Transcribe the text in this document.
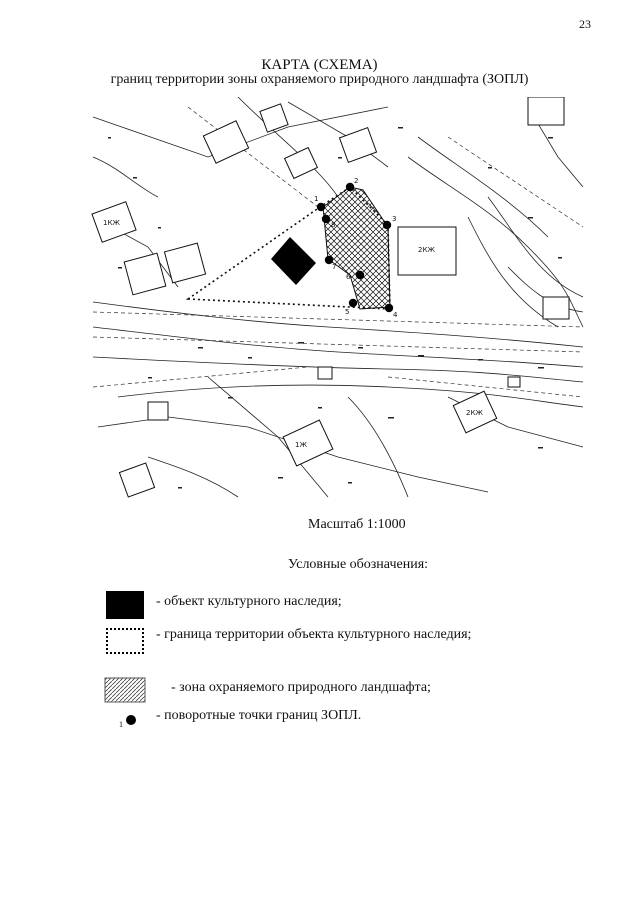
23
КАРТА (СХЕМА)
границ территории зоны охраняемого природного ландшафта (ЗОПЛ)
2КЖ
1КЖ
2КЖ
1Ж
1
2
3
4
5
6
7
8
Масштаб 1:1000
Условные обозначения:
- объект культурного наследия;
- граница территории объекта культурного наследия;
- зона охраняемого природного ландшафта;
1
- поворотные точки границ ЗОПЛ.
